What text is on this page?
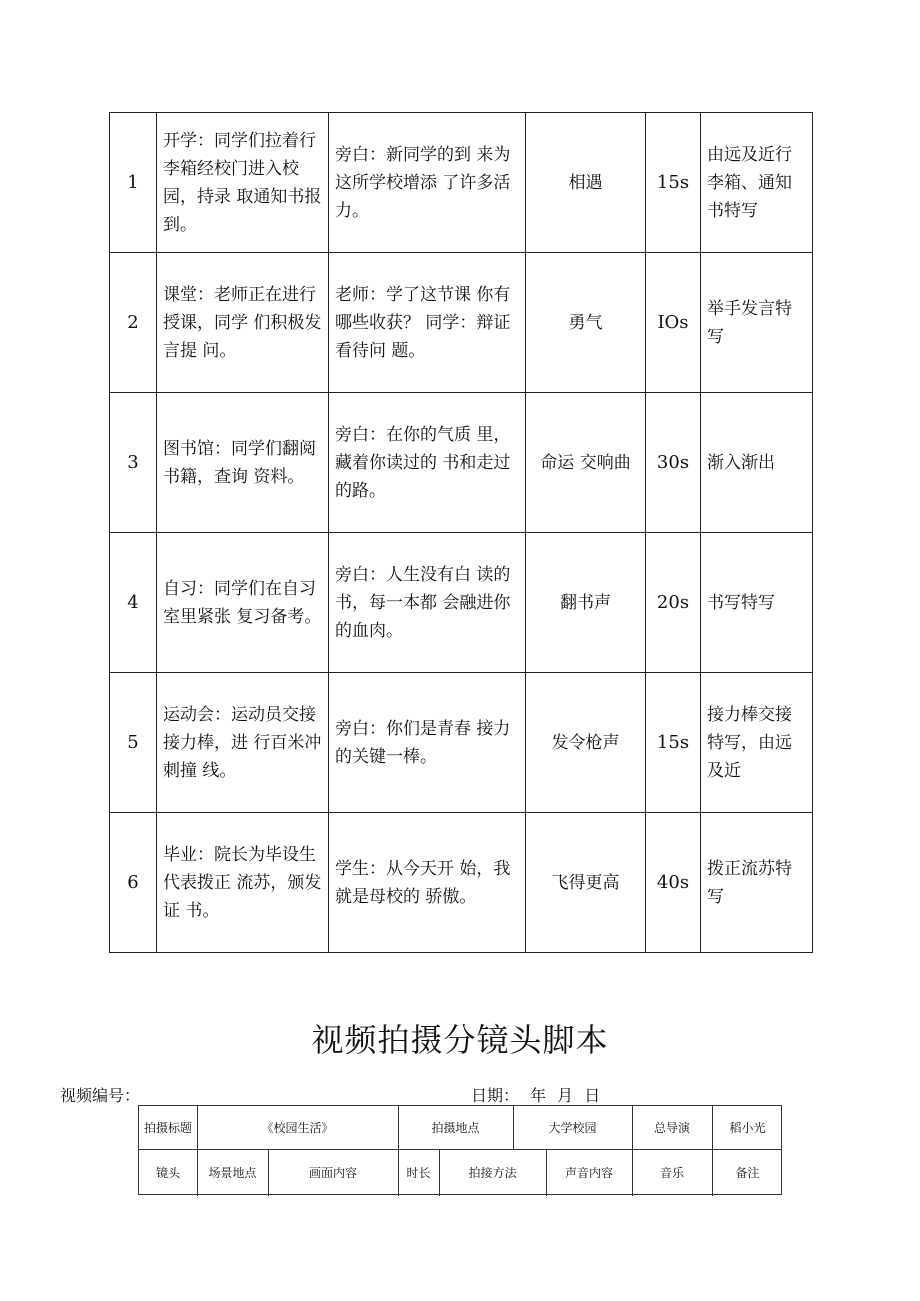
1	开学：同学们拉着行李箱经校门进入校园，持录 取通知书报到。	旁白：新同学的到 来为这所学校增添 了许多活力。	相遇	15s	由远及近行李箱、通知书特写
2	课堂：老师正在进行授课，同学 们积极发言提 问。	老师：学了这节课 你有哪些收获？ 同学：辩证看待问 题。	勇气	IOs	举手发言特写
3	图书馆：同学们翻阅书籍，查询 资料。	旁白：在你的气质 里，藏着你读过的 书和走过的路。	命运 交响曲	30s	渐入渐出
4	自习：同学们在自习室里紧张 复习备考。	旁白：人生没有白 读的书，每一本都 会融进你的血肉。	翻书声	20s	书写特写
5	运动会：运动员交接接力棒，进 行百米冲刺撞 线。	旁白：你们是青春 接力的关键一棒。	发令枪声	15s	接力棒交接特写，由远及近
6	毕业：院长为毕设生代表拨正 流苏，颁发证 书。	学生：从今天开 始，我就是母校的 骄傲。	飞得更高	40s	拨正流苏特 写
视频拍摄分镜头脚本
视频编号：	日期： 年 月 日
拍摄标题	《校园生活》	拍摄地点	大学校园	总导演	稻小光
镜头	场景地点	画面内容	时长	拍接方法	声音内容	音乐	备注
